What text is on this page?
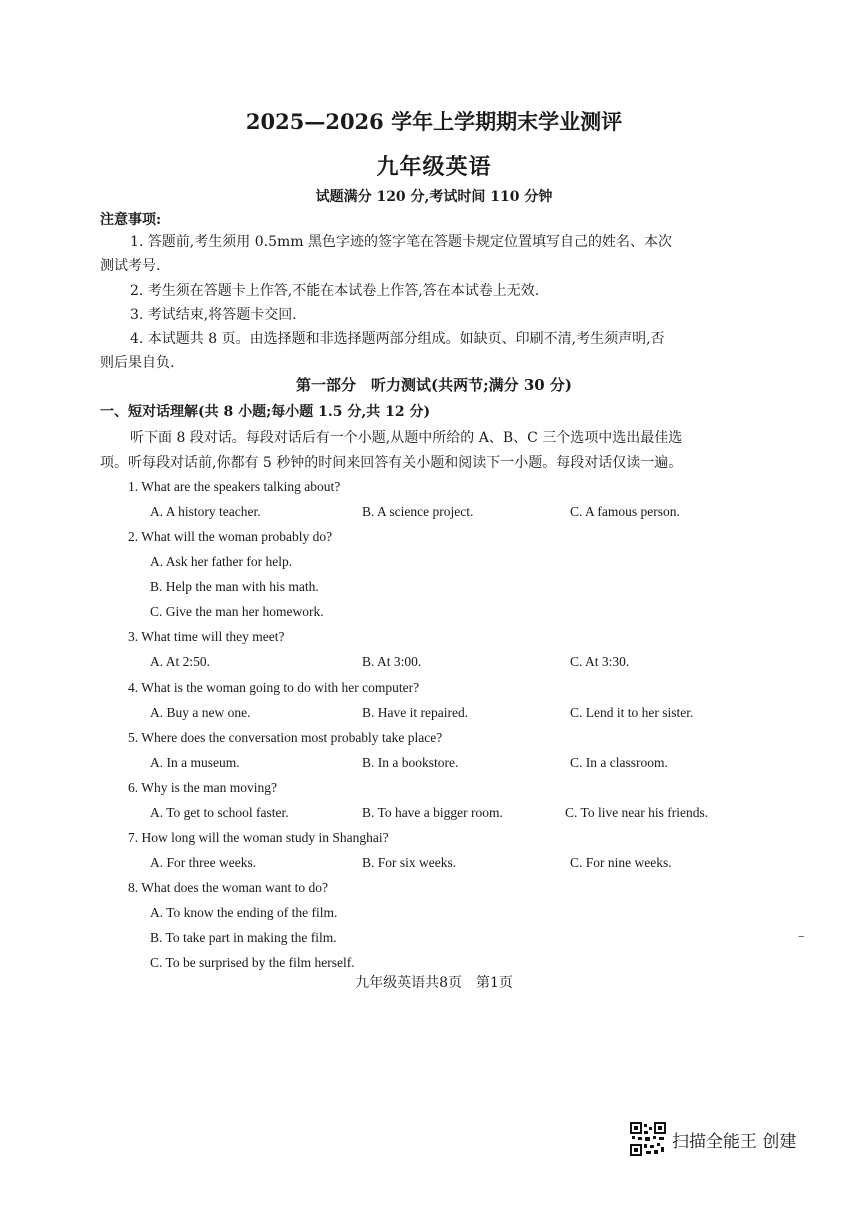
2025—2026 学年上学期期末学业测评
九年级英语
试题满分 120 分,考试时间 110 分钟
注意事项:
1. 答题前,考生须用 0.5mm 黑色字迹的签字笔在答题卡规定位置填写自己的姓名、本次
测试考号.
2. 考生须在答题卡上作答,不能在本试卷上作答,答在本试卷上无效.
3. 考试结束,将答题卡交回.
4. 本试题共 8 页。由选择题和非选择题两部分组成。如缺页、印刷不清,考生须声明,否
则后果自负.
第一部分　听力测试(共两节;满分 30 分)
一、短对话理解(共 8 小题;每小题 1.5 分,共 12 分)
听下面 8 段对话。每段对话后有一个小题,从题中所给的 A、B、C 三个选项中选出最佳选
项。听每段对话前,你都有 5 秒钟的时间来回答有关小题和阅读下一小题。每段对话仅读一遍。
1. What are the speakers talking about?
A. A history teacher.	B. A science project.	C. A famous person.
2. What will the woman probably do?
A. Ask her father for help.
B. Help the man with his math.
C. Give the man her homework.
3. What time will they meet?
A. At 2:50.	B. At 3:00.	C. At 3:30.
4. What is the woman going to do with her computer?
A. Buy a new one.	B. Have it repaired.	C. Lend it to her sister.
5. Where does the conversation most probably take place?
A. In a museum.	B. In a bookstore.	C. In a classroom.
6. Why is the man moving?
A. To get to school faster.	B. To have a bigger room.	C. To live near his friends.
7. How long will the woman study in Shanghai?
A. For three weeks.	B. For six weeks.	C. For nine weeks.
8. What does the woman want to do?
A. To know the ending of the film.
B. To take part in making the film.
C. To be surprised by the film herself.
–
九年级英语共8页　第1页
扫描全能王 创建
